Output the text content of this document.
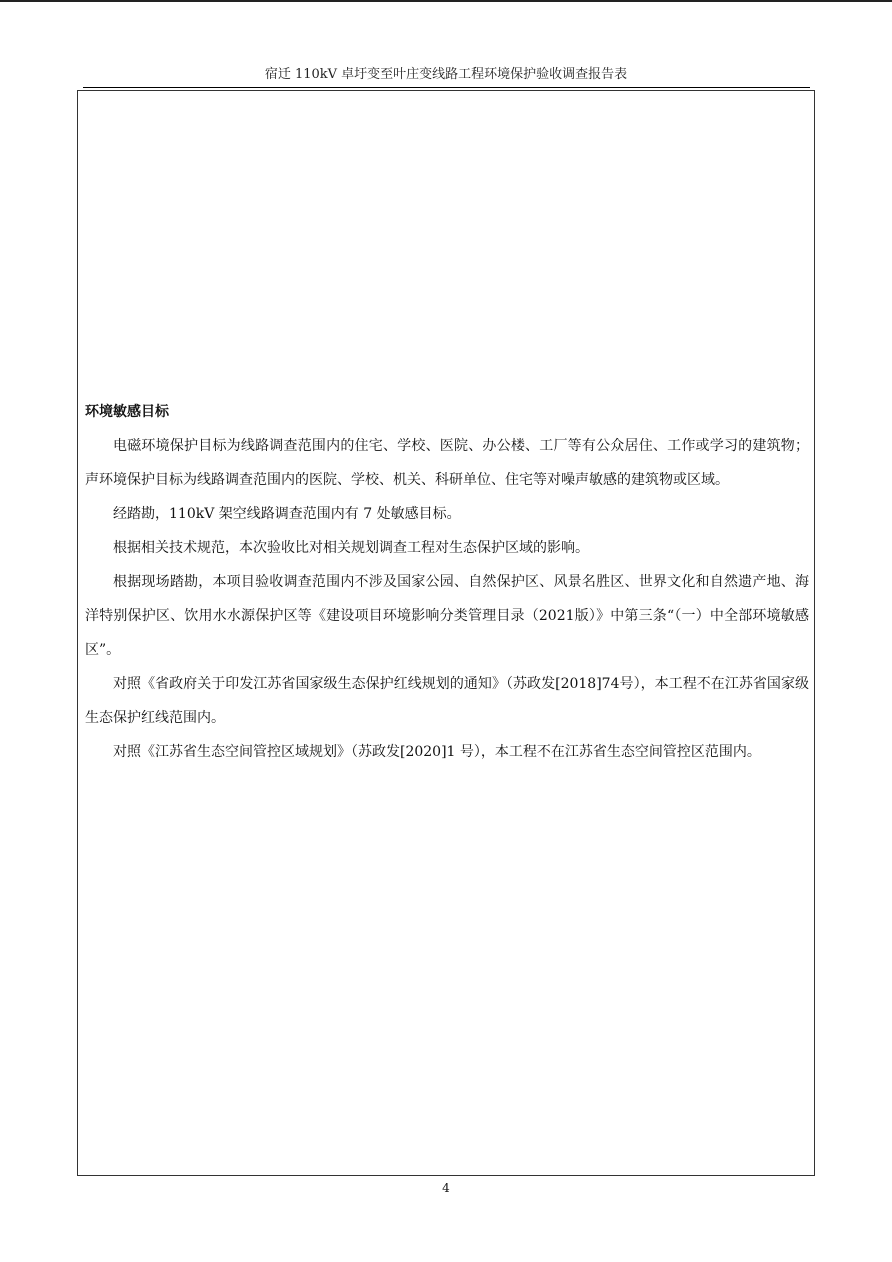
宿迁 110kV 卓圩变至叶庄变线路工程环境保护验收调查报告表
环境敏感目标

电磁环境保护目标为线路调查范围内的住宅、学校、医院、办公楼、工厂等有公众居住、工作或学习的建筑物；声环境保护目标为线路调查范围内的医院、学校、机关、科研单位、住宅等对噪声敏感的建筑物或区域。

经踏勘，110kV 架空线路调查范围内有 7 处敏感目标。

根据相关技术规范，本次验收比对相关规划调查工程对生态保护区域的影响。

根据现场踏勘，本项目验收调查范围内不涉及国家公园、自然保护区、风景名胜区、世界文化和自然遗产地、海洋特别保护区、饮用水水源保护区等《建设项目环境影响分类管理目录（2021版）》中第三条“（一）中全部环境敏感区”。

对照《省政府关于印发江苏省国家级生态保护红线规划的通知》（苏政发[2018]74号），本工程不在江苏省国家级生态保护红线范围内。

对照《江苏省生态空间管控区域规划》（苏政发[2020]1 号），本工程不在江苏省生态空间管控区范围内。

4
